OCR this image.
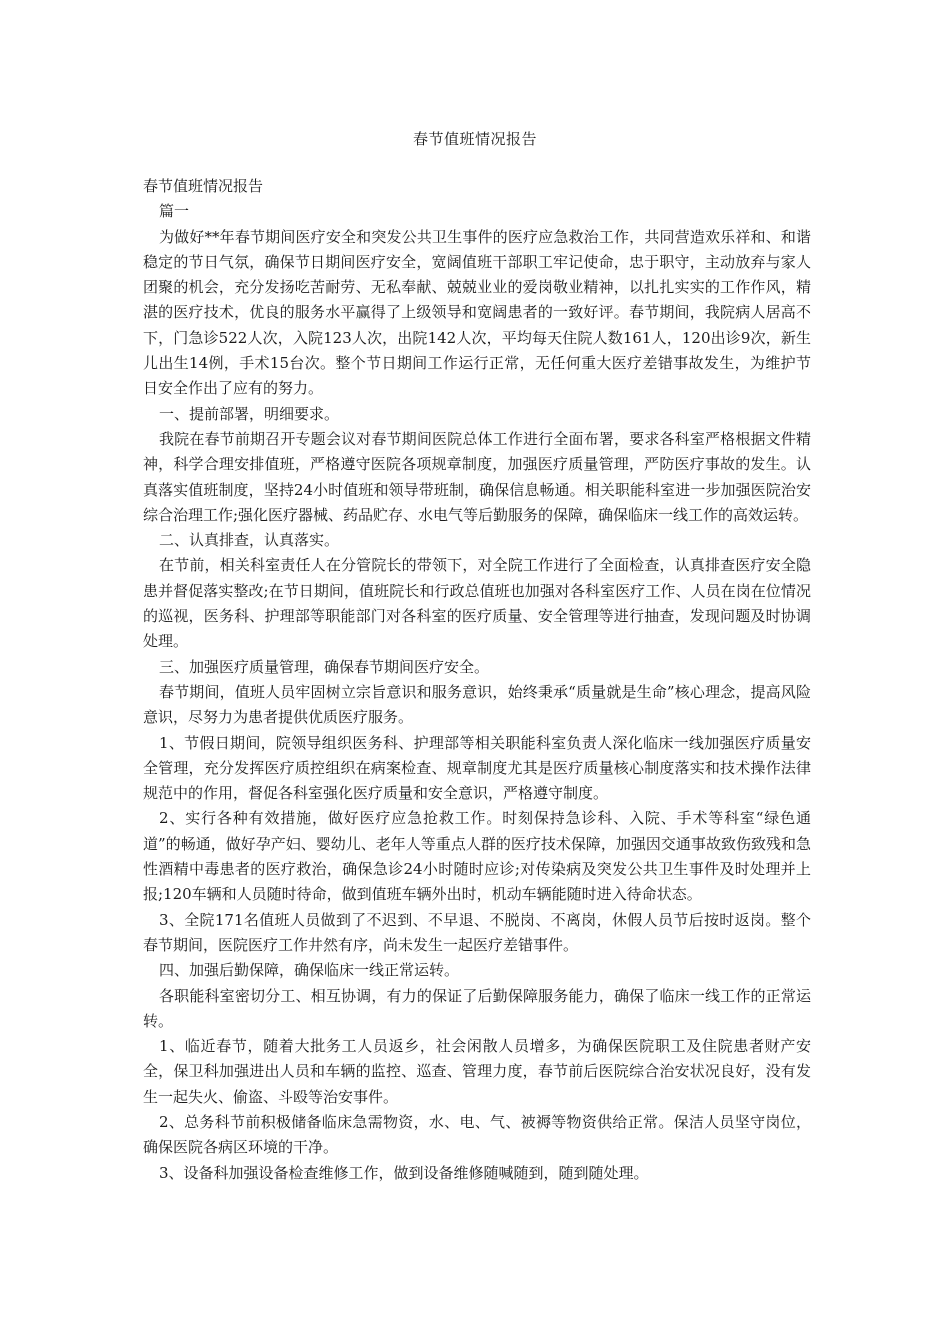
春节值班情况报告

春节值班情况报告

篇一

为做好**年春节期间医疗安全和突发公共卫生事件的医疗应急救治工作，共同营造欢乐祥和、和谐稳定的节日气氛，确保节日期间医疗安全，宽阔值班干部职工牢记使命，忠于职守，主动放弃与家人团聚的机会，充分发扬吃苦耐劳、无私奉献、兢兢业业的爱岗敬业精神，以扎扎实实的工作作风，精湛的医疗技术，优良的服务水平赢得了上级领导和宽阔患者的一致好评。春节期间，我院病人居高不下，门急诊522人次，入院123人次，出院142人次，平均每天住院人数161人，120出诊9次，新生儿出生14例，手术15台次。整个节日期间工作运行正常，无任何重大医疗差错事故发生，为维护节日安全作出了应有的努力。

一、提前部署，明细要求。

我院在春节前期召开专题会议对春节期间医院总体工作进行全面布署，要求各科室严格根据文件精神，科学合理安排值班，严格遵守医院各项规章制度，加强医疗质量管理，严防医疗事故的发生。认真落实值班制度，坚持24小时值班和领导带班制，确保信息畅通。相关职能科室进一步加强医院治安综合治理工作;强化医疗器械、药品贮存、水电气等后勤服务的保障，确保临床一线工作的高效运转。

二、认真排查，认真落实。

在节前，相关科室责任人在分管院长的带领下，对全院工作进行了全面检查，认真排查医疗安全隐患并督促落实整改;在节日期间，值班院长和行政总值班也加强对各科室医疗工作、人员在岗在位情况的巡视，医务科、护理部等职能部门对各科室的医疗质量、安全管理等进行抽查，发现问题及时协调处理。

三、加强医疗质量管理，确保春节期间医疗安全。

春节期间，值班人员牢固树立宗旨意识和服务意识，始终秉承“质量就是生命”核心理念，提高风险意识，尽努力为患者提供优质医疗服务。

1、节假日期间，院领导组织医务科、护理部等相关职能科室负责人深化临床一线加强医疗质量安全管理，充分发挥医疗质控组织在病案检查、规章制度尤其是医疗质量核心制度落实和技术操作法律规范中的作用，督促各科室强化医疗质量和安全意识，严格遵守制度。

2、实行各种有效措施，做好医疗应急抢救工作。时刻保持急诊科、入院、手术等科室“绿色通道”的畅通，做好孕产妇、婴幼儿、老年人等重点人群的医疗技术保障，加强因交通事故致伤致残和急性酒精中毒患者的医疗救治，确保急诊24小时随时应诊;对传染病及突发公共卫生事件及时处理并上报;120车辆和人员随时待命，做到值班车辆外出时，机动车辆能随时进入待命状态。

3、全院171名值班人员做到了不迟到、不早退、不脱岗、不离岗，休假人员节后按时返岗。整个春节期间，医院医疗工作井然有序，尚未发生一起医疗差错事件。

四、加强后勤保障，确保临床一线正常运转。

各职能科室密切分工、相互协调，有力的保证了后勤保障服务能力，确保了临床一线工作的正常运转。

1、临近春节，随着大批务工人员返乡，社会闲散人员增多，为确保医院职工及住院患者财产安全，保卫科加强进出人员和车辆的监控、巡查、管理力度，春节前后医院综合治安状况良好，没有发生一起失火、偷盗、斗殴等治安事件。

2、总务科节前积极储备临床急需物资，水、电、气、被褥等物资供给正常。保洁人员坚守岗位，确保医院各病区环境的干净。

3、设备科加强设备检查维修工作，做到设备维修随喊随到，随到随处理。
